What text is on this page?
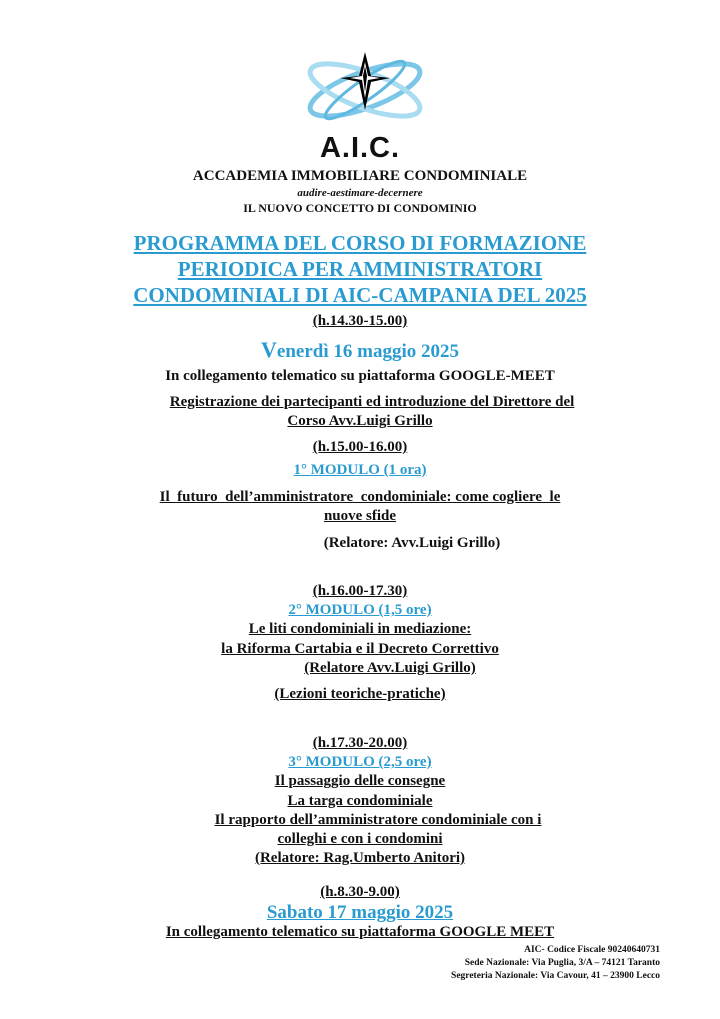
A.I.C.
ACCADEMIA IMMOBILIARE CONDOMINIALE
audire-aestimare-decernere
IL NUOVO CONCETTO DI CONDOMINIO
PROGRAMMA DEL CORSO DI FORMAZIONE
PERIODICA PER AMMINISTRATORI
CONDOMINIALI DI AIC-CAMPANIA DEL 2025
(h.14.30-15.00)
Venerdì 16 maggio 2025
In collegamento telematico su piattaforma GOOGLE-MEET
Registrazione dei partecipanti ed introduzione del Direttore del
Corso Avv.Luigi Grillo
(h.15.00-16.00)
1° MODULO (1 ora)
Il  futuro  dell’amministratore  condominiale: come cogliere  le
nuove sfide
(Relatore: Avv.Luigi Grillo)
(h.16.00-17.30)
2° MODULO (1,5 ore)
Le liti condominiali in mediazione:
la Riforma Cartabia e il Decreto Correttivo
(Relatore Avv.Luigi Grillo)
(Lezioni teoriche-pratiche)
(h.17.30-20.00)
3° MODULO (2,5 ore)
Il passaggio delle consegne
La targa condominiale
Il rapporto dell’amministratore condominiale con i
colleghi e con i condomini
(Relatore: Rag.Umberto Anitori)
(h.8.30-9.00)
Sabato 17 maggio 2025
In collegamento telematico su piattaforma GOOGLE MEET
AIC- Codice Fiscale 90240640731
Sede Nazionale: Via Puglia, 3/A – 74121 Taranto
Segreteria Nazionale: Via Cavour, 41 – 23900 Lecco
